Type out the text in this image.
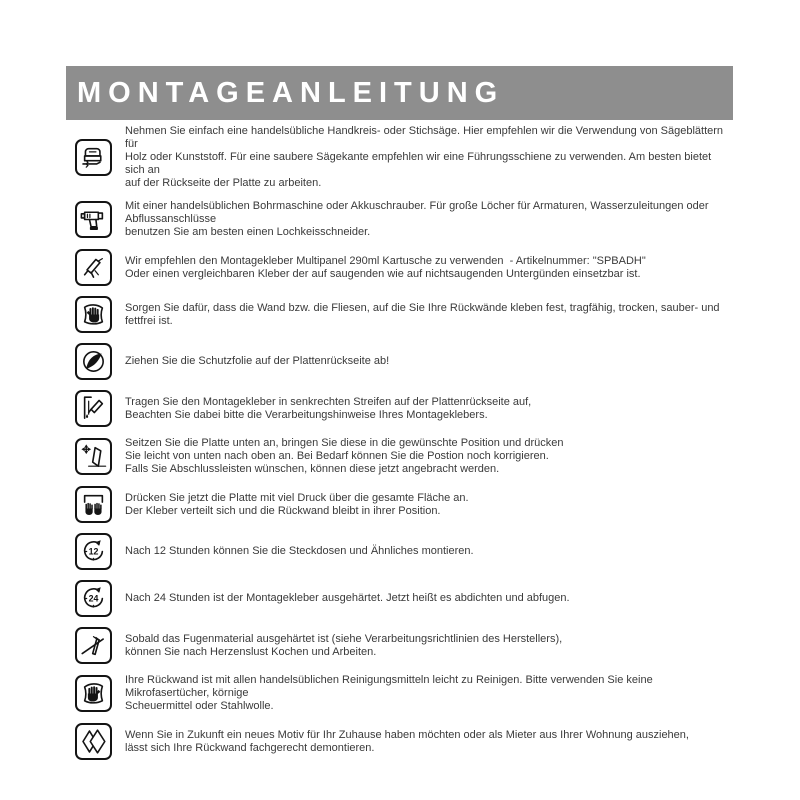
MONTAGEANLEITUNG
Nehmen Sie einfach eine handelsübliche Handkreis- oder Stichsäge. Hier empfehlen wir die Verwendung von Sägeblättern für
Holz oder Kunststoff. Für eine saubere Sägekante empfehlen wir eine Führungsschiene zu verwenden. Am besten bietet sich an
auf der Rückseite der Platte zu arbeiten.
Mit einer handelsüblichen Bohrmaschine oder Akkuschrauber. Für große Löcher für Armaturen, Wasserzuleitungen oder Abflussanschlüsse
benutzen Sie am besten einen Lochkeisschneider.
Wir empfehlen den Montagekleber Multipanel 290ml Kartusche zu verwenden  - Artikelnummer: "SPBADH"
Oder einen vergleichbaren Kleber der auf saugenden wie auf nichtsaugenden Untergünden einsetzbar ist.
Sorgen Sie dafür, dass die Wand bzw. die Fliesen, auf die Sie Ihre Rückwände kleben fest, tragfähig, trocken, sauber- und fettfrei ist.
Ziehen Sie die Schutzfolie auf der Plattenrückseite ab!
Tragen Sie den Montagekleber in senkrechten Streifen auf der Plattenrückseite auf,
Beachten Sie dabei bitte die Verarbeitungshinweise Ihres Montageklebers.
Seitzen Sie die Platte unten an, bringen Sie diese in die gewünschte Position und drücken
Sie leicht von unten nach oben an. Bei Bedarf können Sie die Postion noch korrigieren.
Falls Sie Abschlussleisten wünschen, können diese jetzt angebracht werden.
Drücken Sie jetzt die Platte mit viel Druck über die gesamte Fläche an.
Der Kleber verteilt sich und die Rückwand bleibt in ihrer Position.
12 Nach 12 Stunden können Sie die Steckdosen und Ähnliches montieren.
24 Nach 24 Stunden ist der Montagekleber ausgehärtet. Jetzt heißt es abdichten und abfugen.
Sobald das Fugenmaterial ausgehärtet ist (siehe Verarbeitungsrichtlinien des Herstellers),
können Sie nach Herzenslust Kochen und Arbeiten.
Ihre Rückwand ist mit allen handelsüblichen Reinigungsmitteln leicht zu Reinigen. Bitte verwenden Sie keine Mikrofasertücher, körnige
Scheuermittel oder Stahlwolle.
Wenn Sie in Zukunft ein neues Motiv für Ihr Zuhause haben möchten oder als Mieter aus Ihrer Wohnung ausziehen,
lässt sich Ihre Rückwand fachgerecht demontieren.
